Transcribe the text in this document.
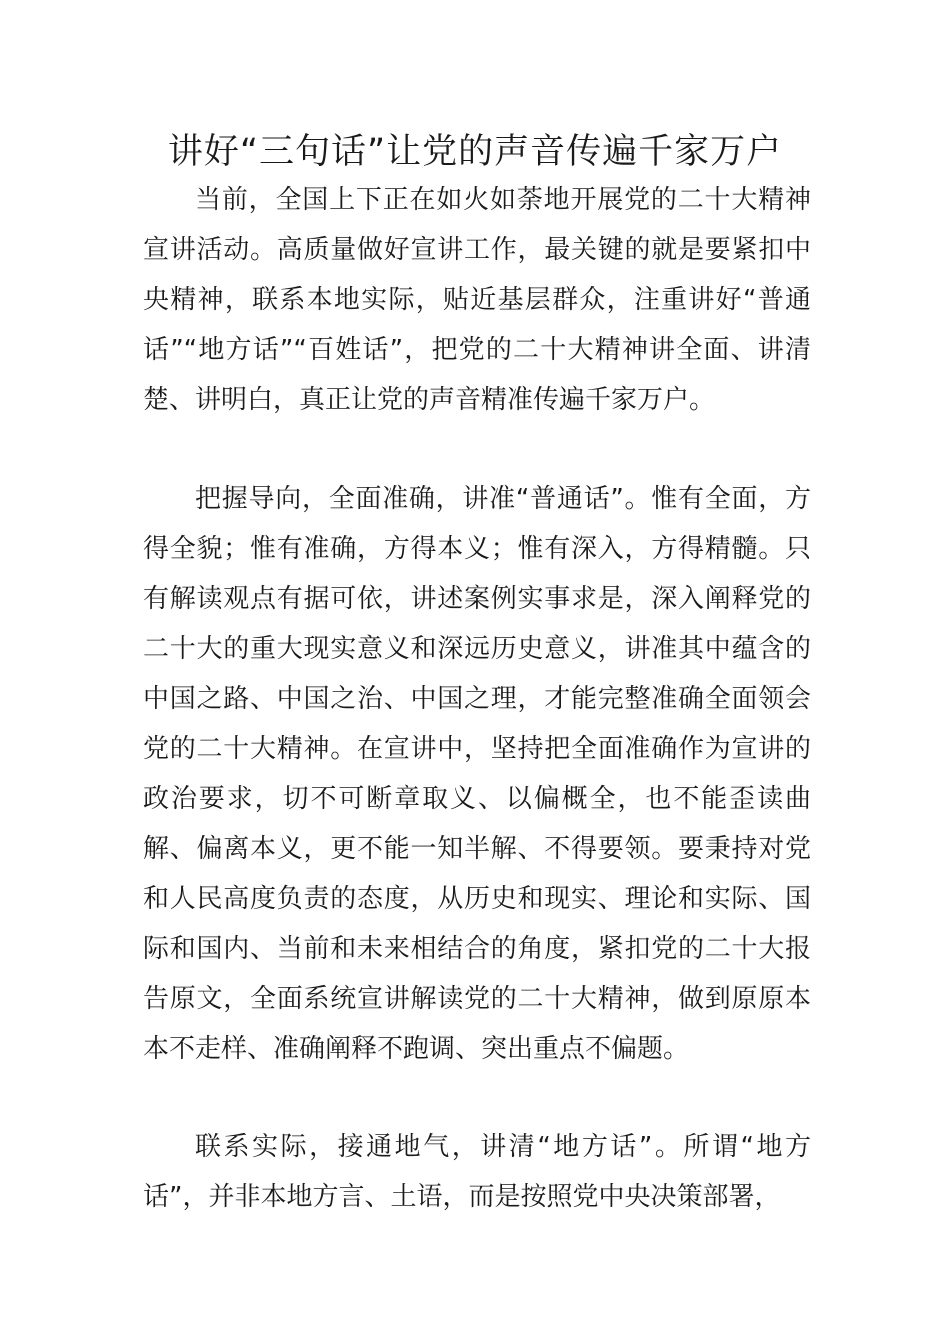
讲好“三句话”让党的声音传遍千家万户

当前，全国上下正在如火如荼地开展党的二十大精神宣讲活动。高质量做好宣讲工作，最关键的就是要紧扣中央精神，联系本地实际，贴近基层群众，注重讲好“普通话”“地方话”“百姓话”，把党的二十大精神讲全面、讲清楚、讲明白，真正让党的声音精准传遍千家万户。

把握导向，全面准确，讲准“普通话”。惟有全面，方得全貌；惟有准确，方得本义；惟有深入，方得精髓。只有解读观点有据可依，讲述案例实事求是，深入阐释党的二十大的重大现实意义和深远历史意义，讲准其中蕴含的中国之路、中国之治、中国之理，才能完整准确全面领会党的二十大精神。在宣讲中，坚持把全面准确作为宣讲的政治要求，切不可断章取义、以偏概全，也不能歪读曲解、偏离本义，更不能一知半解、不得要领。要秉持对党和人民高度负责的态度，从历史和现实、理论和实际、国际和国内、当前和未来相结合的角度，紧扣党的二十大报告原文，全面系统宣讲解读党的二十大精神，做到原原本本不走样、准确阐释不跑调、突出重点不偏题。

联系实际，接通地气，讲清“地方话”。所谓“地方话”，并非本地方言、土语，而是按照党中央决策部署，
